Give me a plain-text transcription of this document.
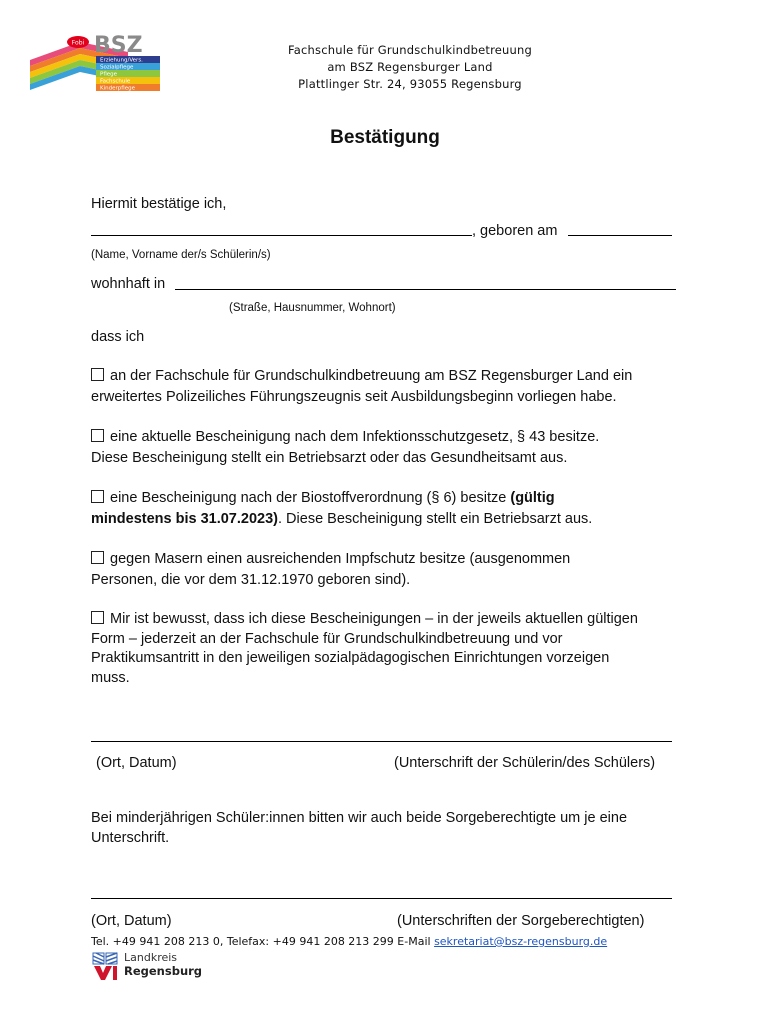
Fobi BSZ
Erziehung/Vers.
Sozialpflege
Pflege
Fachschule
Kinderpflege
Fachschule für Grundschulkindbetreuung
am BSZ Regensburger Land
Plattlinger Str. 24, 93055 Regensburg
Bestätigung
Hiermit bestätige ich,
, geboren am
(Name, Vorname der/s Schülerin/s)
wohnhaft in
(Straße, Hausnummer, Wohnort)
dass ich
an der Fachschule für Grundschulkindbetreuung am BSZ Regensburger Land ein
erweitertes Polizeiliches Führungszeugnis seit Ausbildungsbeginn vorliegen habe.
eine aktuelle Bescheinigung nach dem Infektionsschutzgesetz, § 43 besitze.
Diese Bescheinigung stellt ein Betriebsarzt oder das Gesundheitsamt aus.
eine Bescheinigung nach der Biostoffverordnung (§ 6) besitze (gültig
mindestens bis 31.07.2023). Diese Bescheinigung stellt ein Betriebsarzt aus.
gegen Masern einen ausreichenden Impfschutz besitze (ausgenommen
Personen, die vor dem 31.12.1970 geboren sind).
Mir ist bewusst, dass ich diese Bescheinigungen – in der jeweils aktuellen gültigen
Form – jederzeit an der Fachschule für Grundschulkindbetreuung und vor
Praktikumsantritt in den jeweiligen sozialpädagogischen Einrichtungen vorzeigen
muss.
(Ort, Datum)	(Unterschrift der Schülerin/des Schülers)
Bei minderjährigen Schüler:innen bitten wir auch beide Sorgeberechtigte um je eine
Unterschrift.
(Ort, Datum)	(Unterschriften der Sorgeberechtigten)
Tel. +49 941 208 213 0, Telefax: +49 941 208 213 299 E-Mail sekretariat@bsz-regensburg.de
Landkreis
Regensburg
